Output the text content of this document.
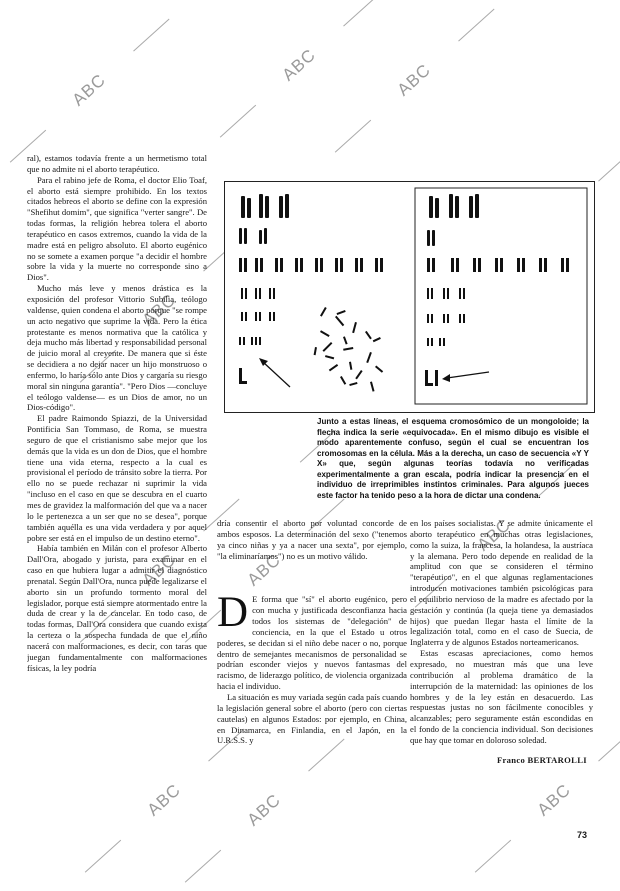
ABC
ABC	ABC
ABC
ABC	ABC
ABC
ABC	ABC	ABC

ral), estamos todavía frente a un hermetismo total que no admite ni el aborto terapéutico.

Para el rabino jefe de Roma, el doctor Elio Toaf, el aborto está siempre prohibido. En los textos citados hebreos el aborto se define con la expresión "Shefihut domim", que significa "verter sangre". De todas formas, la religión hebrea tolera el aborto terapéutico en casos extremos, cuando la vida de la madre está en peligro absoluto. El aborto eugénico no se somete a examen porque "a decidir el hombre sobre la vida y la muerte no corresponde sino a Dios".

Mucho más leve y menos drástica es la exposición del profesor Vittorio Subilia, teólogo valdense, quien condena el aborto porque "se rompe un acto negativo que suprime la vida. Pero la ética protestante es menos normativa que la católica y deja mucho más libertad y responsabilidad personal de juicio moral al creyente. De manera que si éste se decidiera a no dejar nacer un hijo monstruoso o enfermo, lo haría sólo ante Dios y cargaría su riesgo moral sin ninguna garantía". "Pero Dios —concluye el teólogo valdense— es un Dios de amor, no un Dios-código".

El padre Raimondo Spiazzi, de la Universidad Pontificia San Tommaso, de Roma, se muestra seguro de que el cristianismo sabe mejor que los demás que la vida es un don de Dios, que el hombre tiene una vida eterna, respecto a la cual es provisional el período de tránsito sobre la tierra. Por ello no se puede rechazar ni suprimir la vida "incluso en el caso en que se descubra en el cuarto mes de gravidez la malformación del que va a nacer lo le pertenezca a un ser que no se desea", porque también aquélla es una vida verdadera y por aquel pobre ser está en el impulso de un destino eterno".

Había también en Milán con el profesor Alberto Dall'Ora, abogado y jurista, para examinar en el caso en que hubiera lugar a admitir el diagnóstico prenatal. Según Dall'Ora, nunca puede legalizarse el aborto sin un profundo tormento moral del legislador, porque está siempre atormentado entre la duda de crear y la de cancelar. En todo caso, de todas formas, Dall'Ora considera que cuando exista la certeza o la sospecha fundada de que el niño nacerá con malformaciones, es decir, con taras que juegan fundamentalmente con malformaciones físicas, la ley podría

Junto a estas líneas, el esquema cromosómico de un mongoloide; la flecha indica la serie «equivocada». En el mismo dibujo es visible el modo aparentemente confuso, según el cual se encuentran los cromosomas en la célula. Más a la derecha, un caso de secuencia «Y Y X» que, según algunas teorías todavía no verificadas experimentalmente a gran escala, podría indicar la presencia en el individuo de irreprimibles instintos criminales. Para algunos jueces este factor ha tenido peso a la hora de dictar una condena.

dría consentir el aborto por voluntad concorde de ambos esposos. La determinación del sexo ("tenemos ya cinco niñas y ya a nacer una sexta", por ejemplo, "la eliminaríamos") no es un motivo válido.

D E forma que "sí" el aborto eugénico, pero con mucha y justificada desconfianza hacia todos los sistemas de "delegación" de conciencia, en la que el Estado u otros poderes, se decidan si el niño debe nacer o no, porque dentro de semejantes mecanismos de personalidad se podrían esconder viejos y nuevos fantasmas del racismo, de liderazgo político, de violencia organizada hacia el individuo.

La situación es muy variada según cada país cuando la legislación general sobre el aborto (pero con ciertas cautelas) en algunos Estados: por ejemplo, en China, en Dinamarca, en Finlandia, en el Japón, en la U.R.S.S. y

en los países socialistas. Y se admite únicamente el aborto terapéutico en muchas otras legislaciones, como la suiza, la francesa, la holandesa, la austríaca y la alemana. Pero todo depende en realidad de la amplitud con que se consideren el término "terapéutico", en el que algunas reglamentaciones introducen motivaciones también psicológicas para el equilibrio nervioso de la madre es afectado por la gestación y continúa (la queja tiene ya demasiados hijos) que puedan llegar hasta el límite de la legalización total, como en el caso de Suecia, de Inglaterra y de algunos Estados norteamericanos.

Estas escasas apreciaciones, como hemos expresado, no muestran más que una leve contribución al problema dramático de la interrupción de la maternidad: las opiniones de los hombres y de la ley están en desacuerdo. Las respuestas justas no son fácilmente conocibles y alcanzables; pero seguramente están escondidas en el fondo de la conciencia individual. Son decisiones que hay que tomar en doloroso soledad.

Franco BERTAROLLI
73
